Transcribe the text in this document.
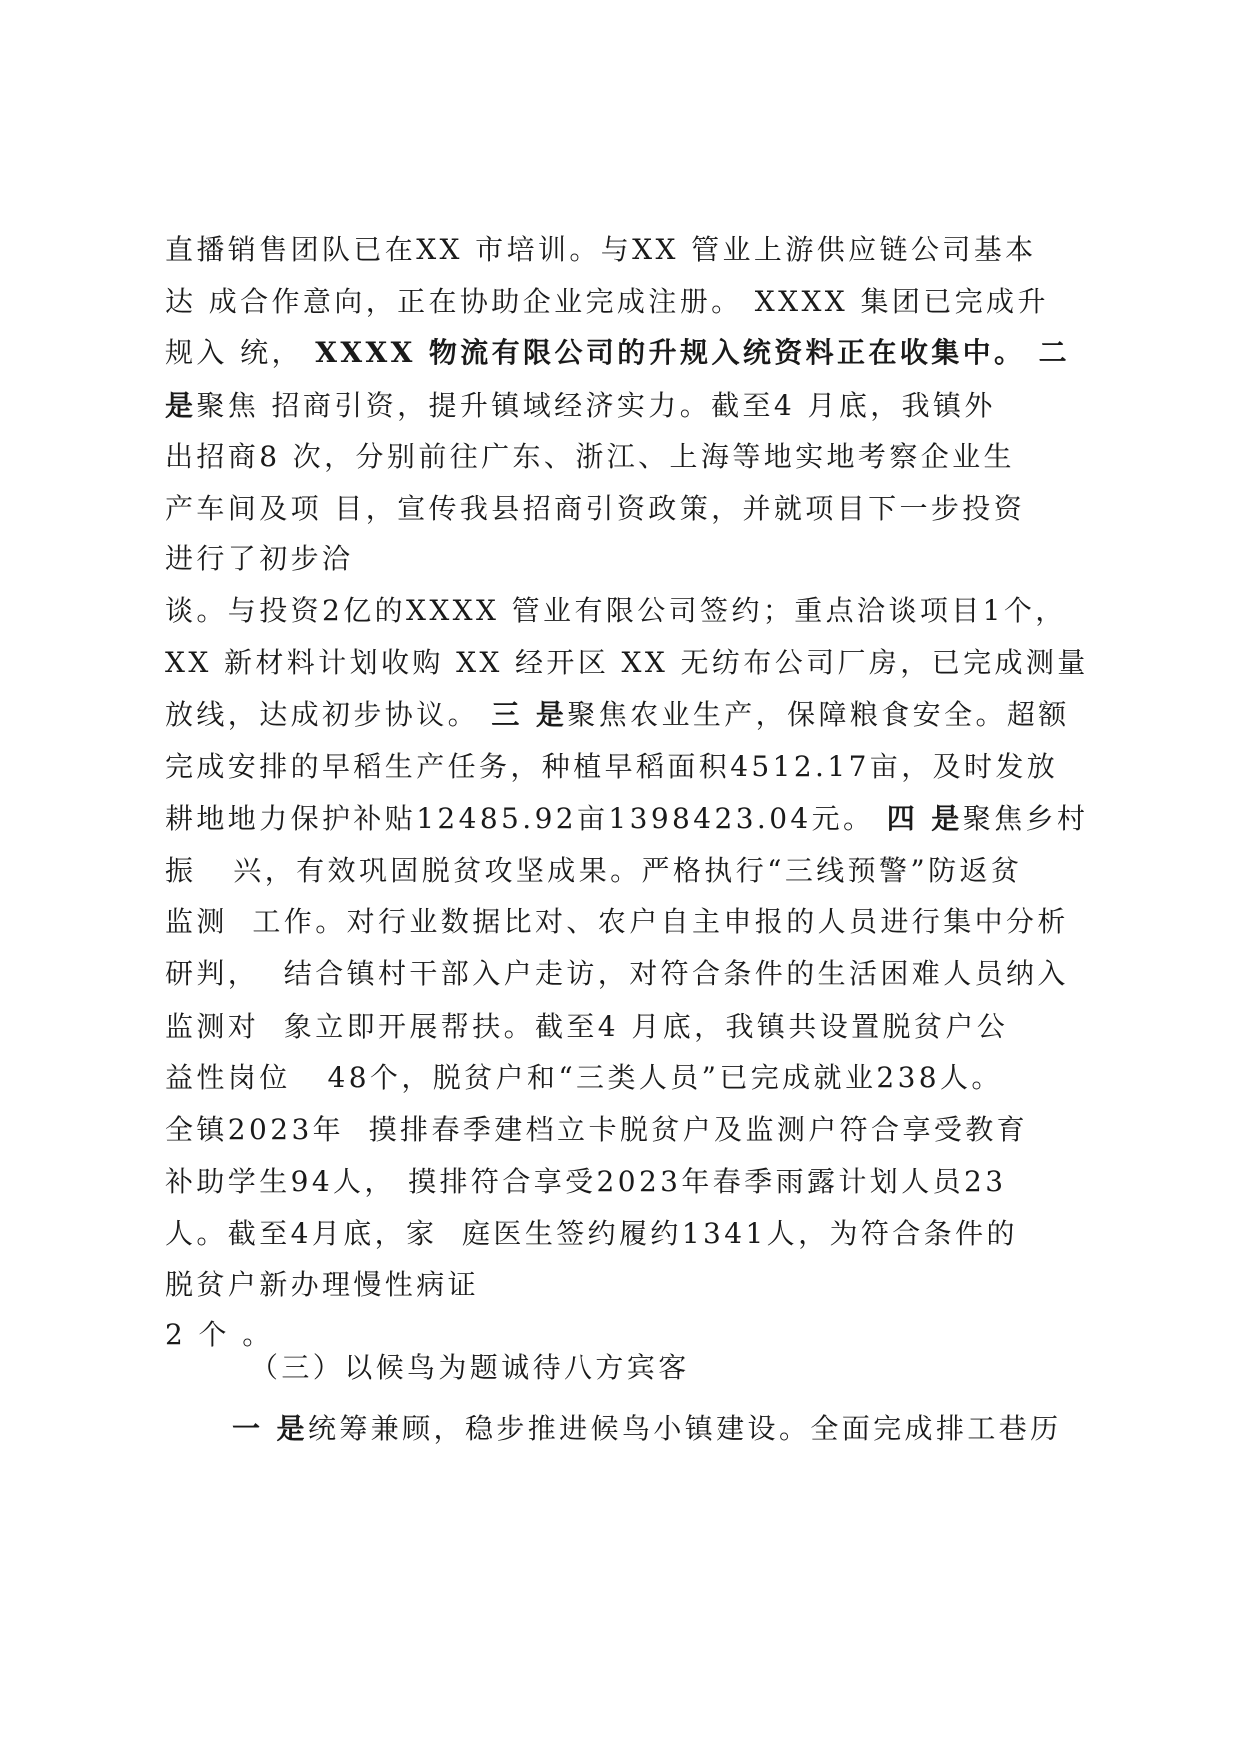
直播销售团队已在XX 市培训。与XX 管业上游供应链公司基本
达 成合作意向，正在协助企业完成注册。 XXXX 集团已完成升
规入 统， XXXX 物流有限公司的升规入统资料正在收集中。 二
是聚焦 招商引资，提升镇域经济实力。截至4 月底，我镇外
出招商8 次，分别前往广东、浙江、上海等地实地考察企业生
产车间及项 目，宣传我县招商引资政策，并就项目下一步投资
进行了初步洽
谈。与投资2亿的XXXX 管业有限公司签约；重点洽谈项目1个，
XX 新材料计划收购 XX 经开区 XX 无纺布公司厂房，已完成测量
放线，达成初步协议。 三 是聚焦农业生产，保障粮食安全。超额
完成安排的早稻生产任务，种植早稻面积4512.17亩，及时发放
耕地地力保护补贴12485.92亩1398423.04元。 四 是聚焦乡村
振   兴，有效巩固脱贫攻坚成果。严格执行“三线预警”防返贫
监测  工作。对行业数据比对、农户自主申报的人员进行集中分析
研判，  结合镇村干部入户走访，对符合条件的生活困难人员纳入
监测对  象立即开展帮扶。截至4 月底，我镇共设置脱贫户公
益性岗位   48个，脱贫户和“三类人员”已完成就业238人。
全镇2023年  摸排春季建档立卡脱贫户及监测户符合享受教育
补助学生94人， 摸排符合享受2023年春季雨露计划人员23
人。截至4月底，家  庭医生签约履约1341人，为符合条件的
脱贫户新办理慢性病证
2 个 。
（三）以候鸟为题诚待八方宾客
一 是统筹兼顾，稳步推进候鸟小镇建设。全面完成排工巷历
